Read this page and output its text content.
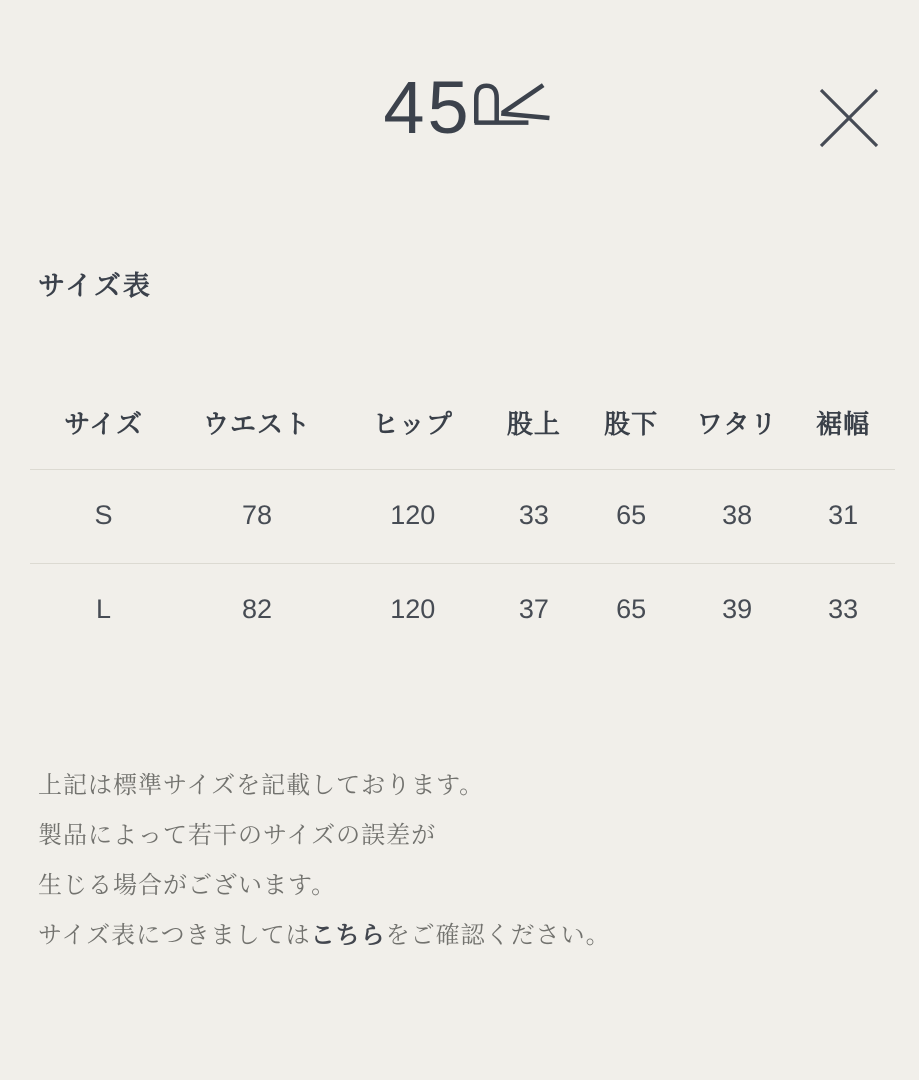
45
サイズ表
サイズ	ウエスト	ヒップ	股上	股下	ワタリ	裾幅
S	78	120	33	65	38	31
L	82	120	37	65	39	33

上記は標準サイズを記載しております。

製品によって若干のサイズの誤差が

生じる場合がございます。

サイズ表につきましてはこちらをご確認ください。
